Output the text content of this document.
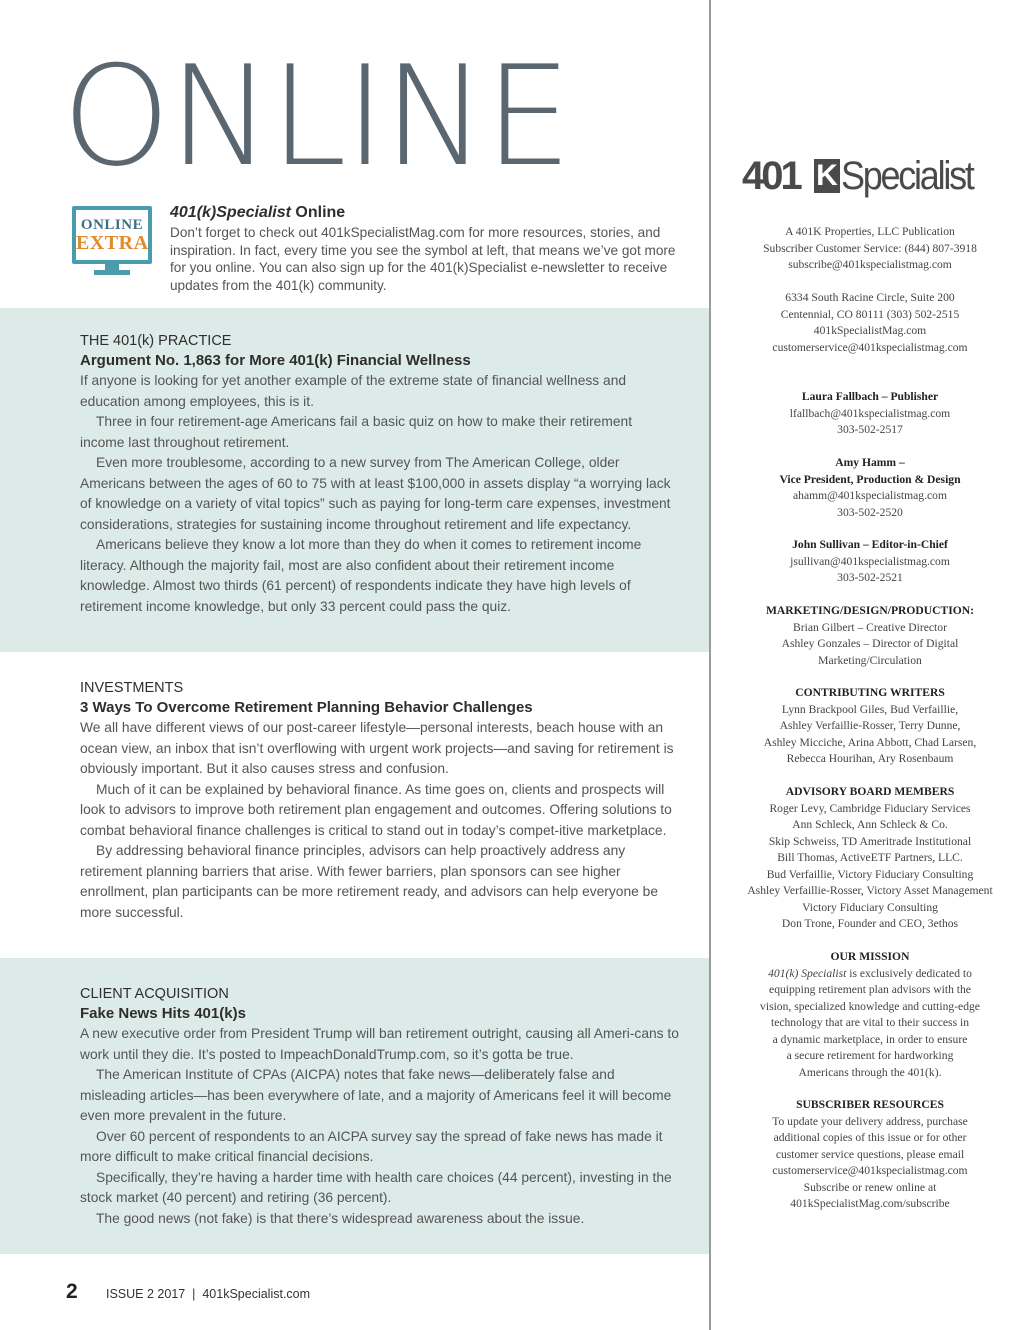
ONLINE
ONLINE
EXTRA
401(k)Specialist Online
Don’t forget to check out 401kSpecialistMag.com for more resources, stories, and inspiration. In fact, every time you see the symbol at left, that means we’ve got more for you online. You can also sign up for the 401(k)Specialist e-newsletter to receive updates from the 401(k) community.
THE 401(k) PRACTICE
Argument No. 1,863 for More 401(k) Financial Wellness

If anyone is looking for yet another example of the extreme state of financial wellness and education among employees, this is it.

Three in four retirement-age Americans fail a basic quiz on how to make their retirement income last throughout retirement.

Even more troublesome, according to a new survey from The American College, older Americans between the ages of 60 to 75 with at least $100,000 in assets display “a worrying lack of knowledge on a variety of vital topics” such as paying for long-term care expenses, investment considerations, strategies for sustaining income throughout retirement and life expectancy.

Americans believe they know a lot more than they do when it comes to retirement income literacy. Although the majority fail, most are also confident about their retirement income knowledge. Almost two thirds (61 percent) of respondents indicate they have high levels of retirement income knowledge, but only 33 percent could pass the quiz.

INVESTMENTS
3 Ways To Overcome Retirement Planning Behavior Challenges

We all have different views of our post-career lifestyle—personal interests, beach house with an ocean view, an inbox that isn’t overflowing with urgent work projects—and saving for retirement is obviously important. But it also causes stress and confusion.

Much of it can be explained by behavioral finance. As time goes on, clients and prospects will look to advisors to improve both retirement plan engagement and outcomes. Offering solutions to combat behavioral finance challenges is critical to stand out in today’s compet-itive marketplace.

By addressing behavioral finance principles, advisors can help proactively address any retirement planning barriers that arise. With fewer barriers, plan sponsors can see higher enrollment, plan participants can be more retirement ready, and advisors can help everyone be more successful.

CLIENT ACQUISITION
Fake News Hits 401(k)s

A new executive order from President Trump will ban retirement outright, causing all Ameri-cans to work until they die. It’s posted to ImpeachDonaldTrump.com, so it’s gotta be true.

The American Institute of CPAs (AICPA) notes that fake news—deliberately false and misleading articles—has been everywhere of late, and a majority of Americans feel it will become even more prevalent in the future.

Over 60 percent of respondents to an AICPA survey say the spread of fake news has made it more difficult to make critical financial decisions.

Specifically, they’re having a harder time with health care choices (44 percent), investing in the stock market (40 percent) and retiring (36 percent).

The good news (not fake) is that there’s widespread awareness about the issue.

2 ISSUE 2 2017  |  401kSpecialist.com
401 K Specialist
A 401K Properties, LLC Publication
Subscriber Customer Service: (844) 807-3918
subscribe@401kspecialistmag.com
6334 South Racine Circle, Suite 200
Centennial, CO 80111 (303) 502-2515
401kSpecialistMag.com
customerservice@401kspecialistmag.com
Laura Fallbach – Publisher
lfallbach@401kspecialistmag.com
303-502-2517
Amy Hamm –
Vice President, Production & Design
ahamm@401kspecialistmag.com
303-502-2520
John Sullivan – Editor-in-Chief
jsullivan@401kspecialistmag.com
303-502-2521
MARKETING/DESIGN/PRODUCTION:
Brian Gilbert – Creative Director
Ashley Gonzales – Director of Digital
Marketing/Circulation
CONTRIBUTING WRITERS
Lynn Brackpool Giles, Bud Verfaillie,
Ashley Verfaillie-Rosser, Terry Dunne,
Ashley Micciche, Arina Abbott, Chad Larsen,
Rebecca Hourihan, Ary Rosenbaum
ADVISORY BOARD MEMBERS
Roger Levy, Cambridge Fiduciary Services
Ann Schleck, Ann Schleck & Co.
Skip Schweiss, TD Ameritrade Institutional
Bill Thomas, ActiveETF Partners, LLC.
Bud Verfaillie, Victory Fiduciary Consulting
Ashley Verfaillie-Rosser, Victory Asset Management
Victory Fiduciary Consulting
Don Trone, Founder and CEO, 3ethos
OUR MISSION
401(k) Specialist is exclusively dedicated to
equipping retirement plan advisors with the
vision, specialized knowledge and cutting-edge
technology that are vital to their success in
a dynamic marketplace, in order to ensure
a secure retirement for hardworking
Americans through the 401(k).
SUBSCRIBER RESOURCES
To update your delivery address, purchase
additional copies of this issue or for other
customer service questions, please email
customerservice@401kspecialistmag.com
Subscribe or renew online at
401kSpecialistMag.com/subscribe
